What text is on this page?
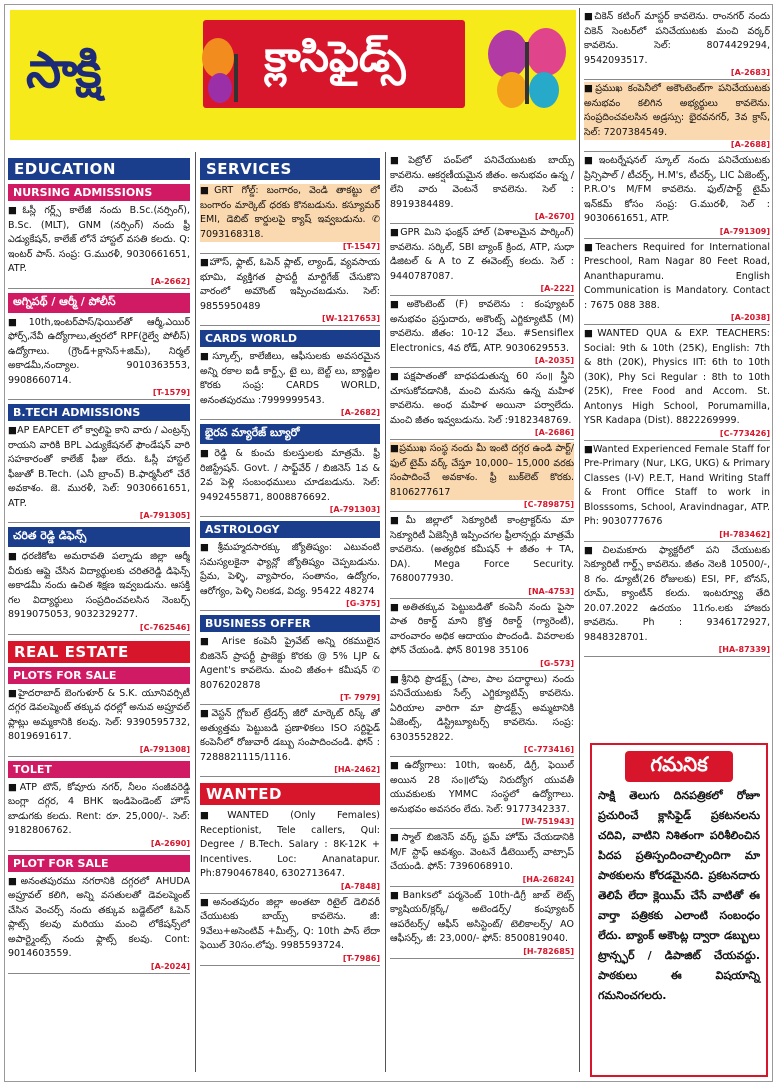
సాక్షి	క్లాసిఫైడ్స్
EDUCATION
NURSING ADMISSIONS

■ఓస్లీ గర్ల్స్ కాలేజీ నందు B.Sc.(నర్సింగ్), B.Sc. (MLT), GNM (నర్సింగ్) నందు ఫ్రీ ఎడ్యుకేషన్, కాలేజ్ లోనే హాస్టల్ వసతి కలదు. Q: ఇంటర్ పాస్. సంప్ర: G.మురళీ, 9030661651, ATP.

[A-2662]
అగ్నిపథ్ / ఆర్మీ / పోలీస్

■10th,ఇంటర్‌పాస్/ఫెయిల్‌తో ఆర్మీ,ఎయిర్ ఫోర్స్,నేవీ ఉద్యోగాలు,త్వరలో RPF(రైల్వే పోలీస్) ఉద్యోగాలు. (గ్రౌండ్+క్లాసెస్+జిమ్), నిర్మల్ అకాడమీ,నంద్యాల. 9010363553, 9908660714.

[T-1579]
B.TECH ADMISSIONS

■AP EAPCET లో క్వాలిఫై కాని వారు / ఎంట్రన్స్ రాయని వారికి BPL ఎడ్యుకేషనల్ ఫౌండేషన్ వారి సహకారంతో కాలేజ్ ఫీజు లేదు. ఓస్లీ హాస్టల్ ఫీజుతో B.Tech. (ఎనీ బ్రాంచ్) B.ఫార్మసీలో చేరే అవకాశం. జె. మురళీ, సెల్: 9030661651, ATP.

[A-791305]
చరిత రెడ్డి డిఫెన్స్

■ధరణికోట అమరావతి పల్నాడు జిల్లా ఆర్మీ వీరుకు ఆప్లై చేసిన విద్యార్థులకు చరితరెడ్డి డిఫెన్స్ అకాడమీ నందు ఉచిత శిక్షణ ఇవ్వబడును. ఆసక్తి గల విద్యార్థులు సంప్రదించవలసిన నెంబర్స్ 8919075053, 9032329277.

[C-762546]
REAL ESTATE
PLOTS FOR SALE

■హైదరాబాద్ బెంగుళూర్ & S.K. యూనివర్సిటీ దగ్గర డెవలప్మెంట్ తక్కువ ధరల్లో అనువ అప్రూవల్ ప్లాట్లు అమ్మకానికి కలవు. సెల్: 9390595732, 8019691617.

[A-791308]
TOLET

■ATP టౌన్, కోవూరు నగర్, నీలం సంజీవరెడ్డి బంగ్లా దగ్గర, 4 BHK ఇండిపెండెంట్ హౌస్ బాడుగకు కలదు. Rent: రూ. 25,000/-. సెల్: 9182806762.

[A-2690]
PLOT FOR SALE

■అనంతపురము నగరానికి దగ్గరలో AHUDA అప్రూవల్ కలిగి, అన్ని వసతులతో డెవలప్మెంట్ చేసిన వెంచర్స్ నందు తక్కువ బడ్జెట్‌లో ఓపెన్ ప్లాట్స్ కలవు మరియు మంచి లోకేషన్స్‌లో అపార్ట్మెంట్స్ నందు ఫ్లాట్స్ కలవు. Cont: 9014603559.

[A-2024]
SERVICES

■GRT గోల్డ్: బంగారం, వెండి తాకట్టు లో బంగారం మార్కెట్ ధరకు కొనబడును. కస్యూమర్ EMI, డెబిట్ కార్డులపై క్యాష్ ఇవ్వబడును. ✆ 7093168318.

[T-1547]

■హౌస్, ఫ్లాట్, ఓపెన్ ప్లాట్, ల్యాండ్, వ్యవసాయ భూమి, వ్యక్తిగత ప్రాపర్టీ మార్టిగేజ్ చేసుకొని వారంలో అమౌంట్ ఇప్పించబడును. సెల్: 9855950489

[W-1217653]
CARDS WORLD

■స్కూల్స్, కాలేజీలు, ఆఫీసులకు అవసరమైన అన్ని రకాల ఐడీ కార్డ్స్, టై లు, బెల్ట్ లు, బ్యాడ్జిల కొరకు సంప్ర: CARDS WORLD, అనంతపురము :7999999543.

[A-2682]
భైరవ మ్యారేజ్ బ్యూరో

■రెడ్డి & కుంచు కులస్తులకు మాత్రమే. ఫ్రీ రిజిస్ట్రేషన్. Govt. / సాఫ్ట్‌వేర్ / బిజినెస్ 1వ & 2వ పెళ్లి సంబంధములు చూడబడును. సెల్: 9492455871, 8008876692.

[A-791303]
ASTROLOGY

■శ్రీమహ్మదసారక్కు జ్యోతిష్యం: ఎటువంటి సమస్యలకైనా ఫ్యాన్లో జ్యోతిష్యం చెప్పబడును. ప్రేమ, పెళ్ళి, వ్యాపారం, సంతానం, ఉద్యోగం, ఆరోగ్యం, పెళ్ళి నిలకడ, విద్య. 95422 48274

[G-375]
BUSINESS OFFER

■ Arise కంపెనీ ప్రైవేట్ అన్ని రకములైన బిజినెస్ ప్రాపర్టీ ప్రాజెక్టు కొరకు @ 5% LJP & Agent's కావలెను. మంచి జీతం+ కమీషన్ ✆ 8076202878

[T- 7979]

■వెస్టన్ గ్లోబల్ ట్రేడర్స్ జీరో మార్కెట్ రిస్క్ తో అత్యుత్తమ పెట్టుబడి ప్రణాళికలు ISO సర్టిఫైడ్ కంపెనీలో రోజువారీ డబ్బు సంపాదించండి. ఫోన్ : 7288821115/1116.

[HA-2462]
WANTED

■WANTED (Only Females) Receptionist, Tele callers, Qul: Degree / B.Tech. Salary : 8K-12K + Incentives. Loc: Ananatapur. Ph:8790467840, 6302713647.

[A-7848]

■అనంతపురం జిల్లా అంతటా రిటైల్ డెలివరీ చేయుటకు బాయ్స్ కావలెను. జీ: 9వేలు+అసెంటివ్ +మీల్స్, Q: 10th పాస్ లేదా ఫెయిల్ 30సం.లోపు. 9985593724.

[T-7986]

■పెట్రోల్ పంప్‌లో పనిచేయుటకు బాయ్స్ కావలెను. ఆకర్షణీయమైన జీతం. అనుభవం ఉన్న / లేని వారు వెంటనే కావలెను. సెల్ : 8919384489.

[A-2670]

■GPR మిని ఫంక్షన్ హాల్ (విశాలమైన పార్కింగ్) కావలెను. సర్కిల్, SBI బ్యాంక్ క్రింద, ATP, సుధా డిజిటల్ & A to Z ఈవెంట్స్ కలదు. సెల్ : 9440787087.

[A-222]

■అకౌంటెంట్ (F) కావలెను : కంప్యూటర్ అనుభవం ప్రస్తుదారు, అకౌంట్స్ ఎగ్జిక్యూటివ్ (M) కావలెను. జీతం: 10-12 వేలు. #Sensiflex Electronics, 4వ రోడ్, ATP. 9030629553.

[A-2035]

■పక్షపాతంతో బాధపడుతున్న 60 సం॥ స్త్రీని చూసుకోవడానికి, మంచి మనసు ఉన్న మహిళ కావలెను. అంధ మహిళ అయినా పర్వాలేదు. మంచి జీతం ఇవ్వబడును. సెల్ :9182348769.

[A-2686]

■ప్రముఖ సంస్థ నందు మీ ఇంటి దగ్గర ఉండి పార్ట్/ఫుల్ టైమ్ వర్క్ చేస్తూ 10,000– 15,000 వరకు సంపాదించే అవకాశం. ఫ్రీ బుక్‌లెట్ కొరకు. 8106277617

[C-789875]

■మీ జిల్లాలో సెక్యూరిటీ కాంట్రాక్టర్‌ను మా సెక్యూరిటీ ఏజెన్సీకి ఇప్పించగల ఫ్రీలాన్సర్లు మాత్రమే కావలెను. (అత్యధిక కమీషన్ + జీతం + TA, DA). Mega Force Security. 7680077930.

[NA-4753]

■అతితక్కువ పెట్టుబడితో కంపెనీ నందు పైసా పాత రికార్డ్ మాని క్రొత్త రికార్డ్ (గ్యారెంటీ), వారంవారం అధిక ఆదాయం పొందండి. వివరాలకు ఫోన్ చేయండి. ఫోన్ 80198 35106

[G-573]

■శ్రీనిధి ప్రొడక్ట్స్ (పాల, పాల పదార్థాలు) నందు పనిచేయుటకు సేల్స్ ఎగ్జిక్యూటివ్స్ కావలెను. ఏరియాల వారిగా మా ప్రొడక్ట్స్ అమ్మటానికి ఏజెంట్స్, డిస్ట్రిబ్యూటర్స్ కావలెను. సంప్ర: 6303552822.

[C-773416]

■ఉద్యోగాలు: 10th, ఇంటర్, డిగ్రీ, ఫెయిల్ అయిన 28 సం॥లోపు నిరుద్యోగ యువతీ యువకులకు YMMC సంస్థలో ఉద్యోగాలు. అనుభవం అవసరం లేదు. సెల్: 9177342337.

[W-751943]

■స్మాల్ బిజినెస్ వర్క్ ఫ్రమ్ హోమ్ చేయడానికి M/F స్టాఫ్ ఆవశ్యం. వెంటనే డీటెయిల్స్ వాట్సాప్ చేయండి. ఫోన్: 7396068910.

[HA-26824]

■Banksలో పర్మనెంట్ 10th-డిగ్రీ జాబ్ లెట్స్ క్యాషియర్/క్లర్క్/ అటెండర్స్/ కంప్యూటర్ ఆపరేటర్స్/ ఆఫీస్ అసిస్టెంట్/ టెలికాలర్స్/ AO ఆఫీసర్స్, జీ: 23,000/- ఫోన్: 8500819040.

[H-782685]

■చికెన్ కటింగ్ మాస్టర్ కావలెను. రాంనగర్ నందు చికెన్ సెంటర్‌లో పనిచేయుటకు మంచి వర్కర్ కావలెను. సెల్: 8074429294, 9542093517.

[A-2683]

■ప్రముఖ కంపెనీలో అకౌంటెంట్‌గా పనిచేయుటకు అనుభవం కలిగిన అభ్యర్థులు కావలెను. సంప్రదించవలసిన అడ్రస్సు: భైరవనగర్, 3వ క్రాస్, సెల్: 7207384549.

[A-2688]

■ఇంటర్నేషనల్ స్కూల్ నందు పనిచేయుటకు ప్రిన్సిపాల్ / టీచర్స్, H.M's, టీచర్స్, LIC ఏజెంట్స్, P.R.O's M/FM కావలెను. ఫుల్/పార్ట్ టైమ్ ఇన్‌కమ్ కోసం సంప్ర: G.మురళీ, సెల్ : 9030661651, ATP.

[A-791309]

■Teachers Required for International Preschool, Ram Nagar 80 Feet Road, Ananthapuramu. English Communication is Mandatory. Contact : 7675 088 388.

[A-2038]

■WANTED QUA & EXP. TEACHERS: Social: 9th & 10th (25K), English: 7th & 8th (20K), Physics IIT: 6th to 10th (30K), Phy Sci Regular : 8th to 10th (25K), Free Food and Accom. St. Antonys High School, Porumamilla, YSR Kadapa (Dist). 8822269999.

[C-773426]

■Wanted Experienced Female Staff for Pre-Primary (Nur, LKG, UKG) & Primary Classes (I-V) P.E.T, Hand Writing Staff & Front Office Staff to work in Blosssoms, School, Aravindnagar, ATP. Ph: 9030777676

[H-783462]

■చిలమకూరు ఫ్యాక్టరీలో పని చేయుటకు సెక్యూరిటీ గార్డ్స్ కావలెను. జీతం నెలకి 10500/-, 8 గం. డ్యూటీ(26 రోజులకు) ESI, PF, బోనస్, రూమ్, క్యాంటీన్ కలదు. ఇంటర్వ్యూ తేది 20.07.2022 ఉదయం 11గం.లకు హాజరు కావలెను. Ph : 9346172927, 9848328701.

[HA-87339]
గమనిక
సాక్షి తెలుగు దినపత్రికలో రోజూ ప్రచురించే క్లాసిఫైడ్ ప్రకటనలను చదివి, వాటిని నిశితంగా పరిశీలించిన పిదప ప్రతిస్పందించాల్సిందిగా మా పాఠకులను కోరడమైనది. ప్రకటనదారు తెలిపే లేదా క్లెయిమ్ చేసే వాటితో ఈ వార్తా పత్రికకు ఎలాంటి సంబంధం లేదు. బ్యాంక్ అకౌంట్ల ద్వారా డబ్బులు ట్రాన్స్ఫర్ / డిపాజిట్ చేయవద్దు. పాఠకులు ఈ విషయాన్ని గమనించగలరు.
